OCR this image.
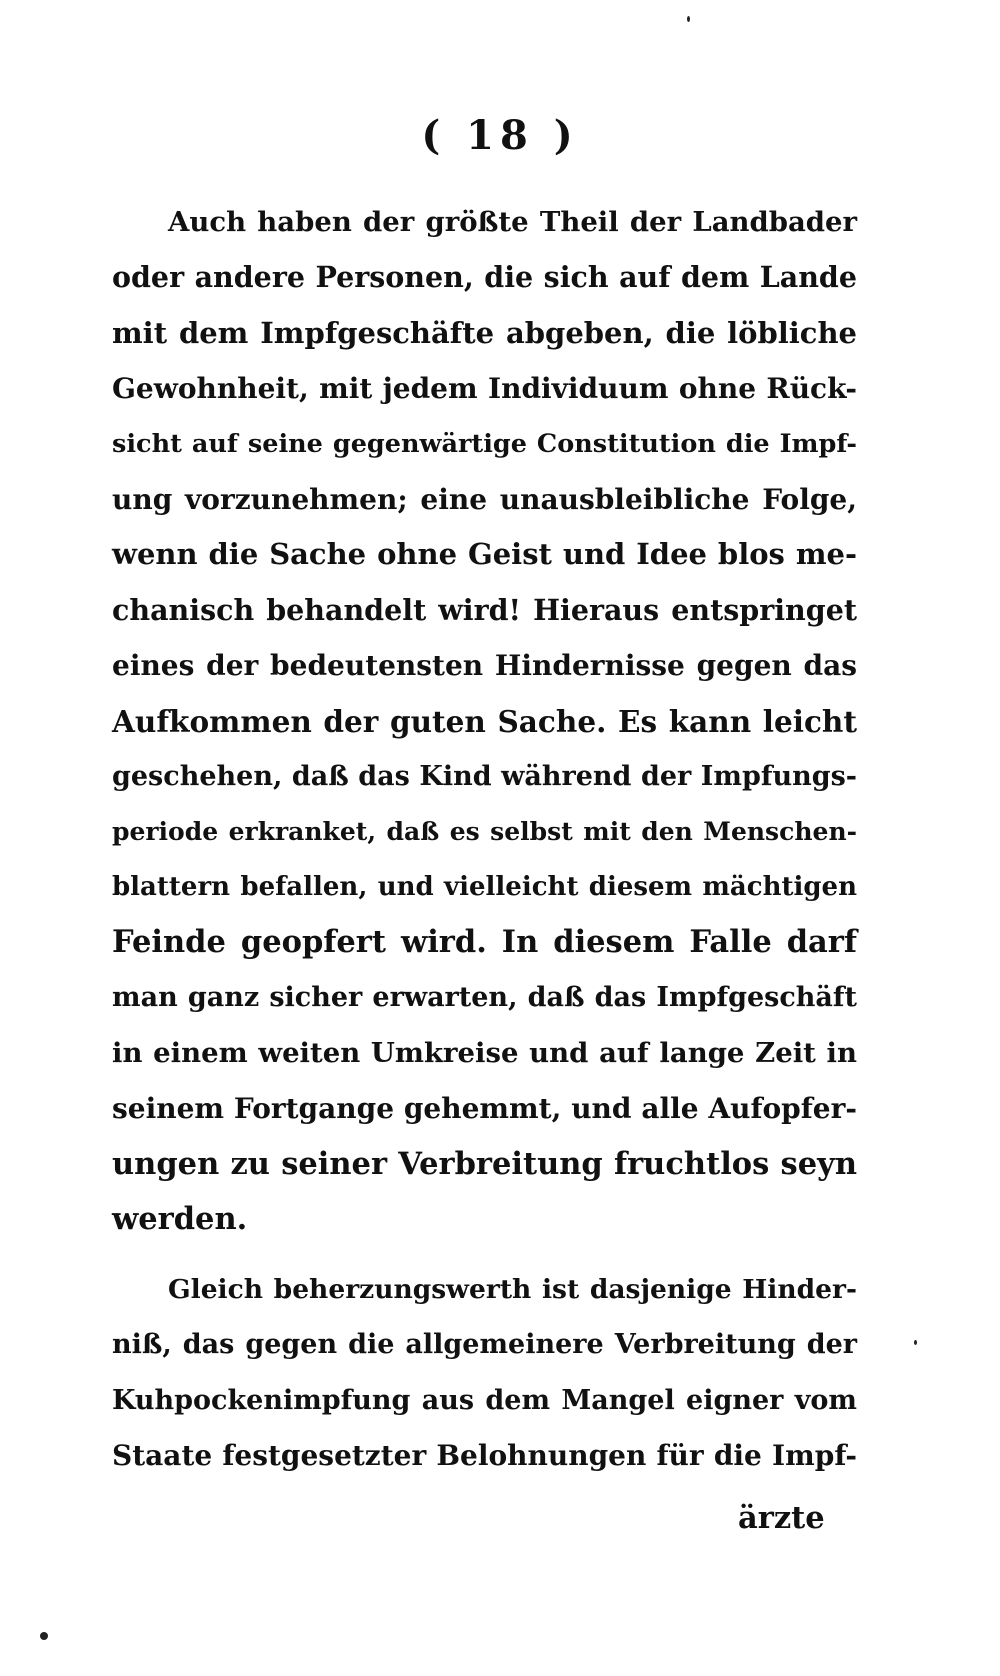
( 18 )
Auch haben der größte Theil der Landbader
oder andere Personen, die sich auf dem Lande
mit dem Impfgeschäfte abgeben, die löbliche
Gewohnheit, mit jedem Individuum ohne Rück-
sicht auf seine gegenwärtige Constitution die Impf-
ung vorzunehmen; eine unausbleibliche Folge,
wenn die Sache ohne Geist und Idee blos me-
chanisch behandelt wird! Hieraus entspringet
eines der bedeutensten Hindernisse gegen das
Aufkommen der guten Sache. Es kann leicht
geschehen, daß das Kind während der Impfungs-
periode erkranket, daß es selbst mit den Menschen-
blattern befallen, und vielleicht diesem mächtigen
Feinde geopfert wird. In diesem Falle darf
man ganz sicher erwarten, daß das Impfgeschäft
in einem weiten Umkreise und auf lange Zeit in
seinem Fortgange gehemmt, und alle Aufopfer-
ungen zu seiner Verbreitung fruchtlos seyn
werden.
Gleich beherzungswerth ist dasjenige Hinder-
niß, das gegen die allgemeinere Verbreitung der
Kuhpockenimpfung aus dem Mangel eigner vom
Staate festgesetzter Belohnungen für die Impf-
ärzte
